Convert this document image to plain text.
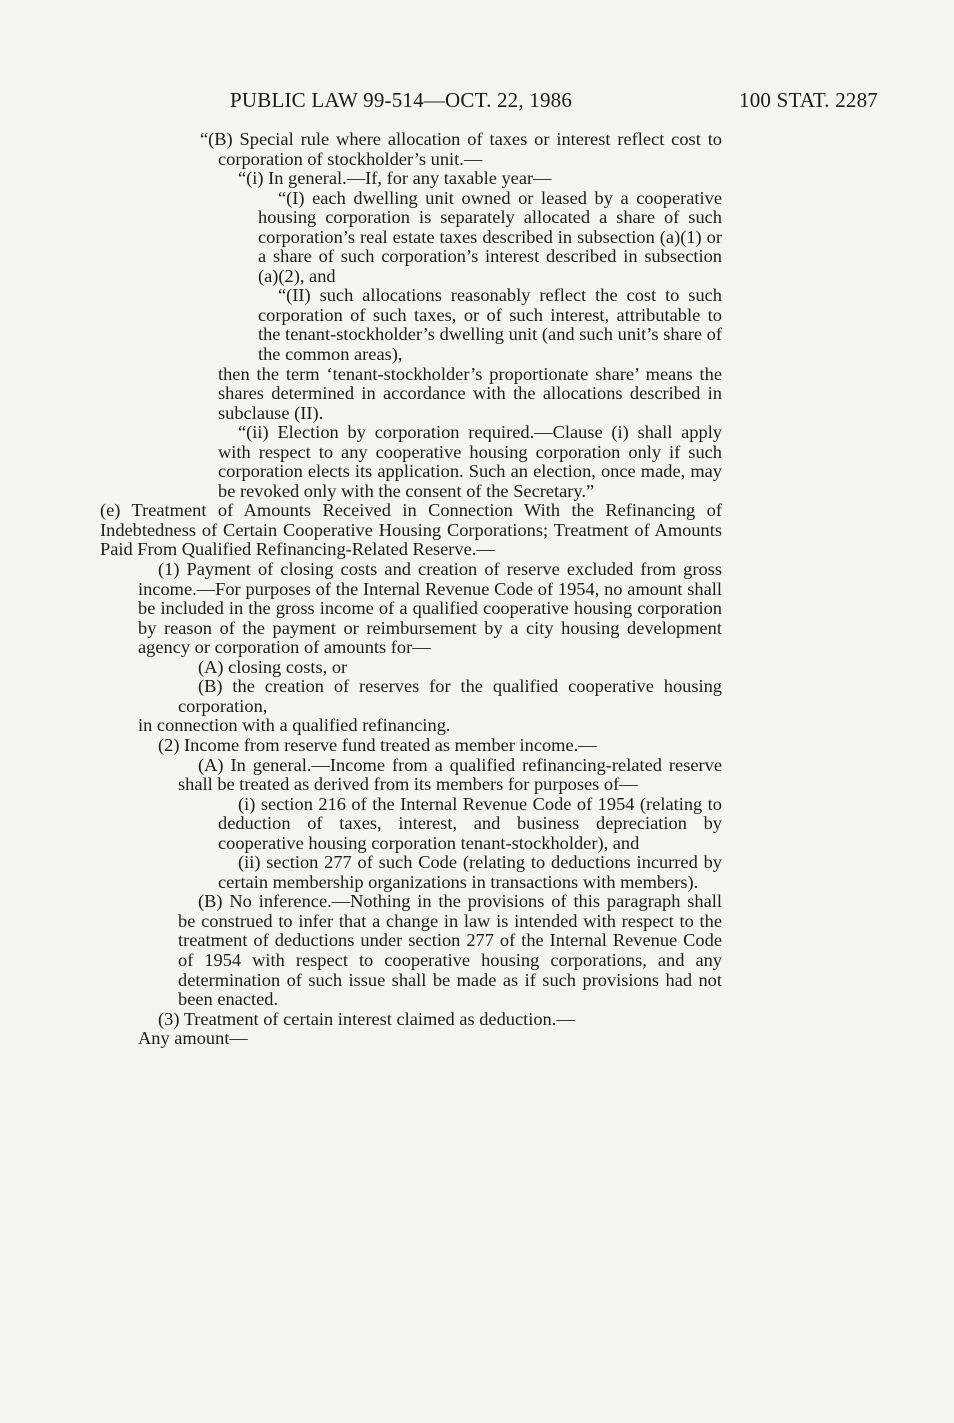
PUBLIC LAW 99-514—OCT. 22, 1986	100 STAT. 2287

“(B) Special rule where allocation of taxes or interest reflect cost to corporation of stockholder’s unit.—

“(i) In general.—If, for any taxable year—

“(I) each dwelling unit owned or leased by a cooperative housing corporation is separately allocated a share of such corporation’s real estate taxes described in subsection (a)(1) or a share of such corporation’s interest described in subsection (a)(2), and

“(II) such allocations reasonably reflect the cost to such corporation of such taxes, or of such interest, attributable to the tenant-stockholder’s dwelling unit (and such unit’s share of the common areas),

then the term ‘tenant-stockholder’s proportionate share’ means the shares determined in accordance with the allocations described in subclause (II).

“(ii) Election by corporation required.—Clause (i) shall apply with respect to any cooperative housing corporation only if such corporation elects its application. Such an election, once made, may be revoked only with the consent of the Secretary.”

(e) Treatment of Amounts Received in Connection With the Refinancing of Indebtedness of Certain Cooperative Housing Corporations; Treatment of Amounts Paid From Qualified Refinancing-Related Reserve.—

(1) Payment of closing costs and creation of reserve excluded from gross income.—For purposes of the Internal Revenue Code of 1954, no amount shall be included in the gross income of a qualified cooperative housing corporation by reason of the payment or reimbursement by a city housing development agency or corporation of amounts for—

(A) closing costs, or

(B) the creation of reserves for the qualified cooperative housing corporation,

in connection with a qualified refinancing.

(2) Income from reserve fund treated as member income.—

(A) In general.—Income from a qualified refinancing-related reserve shall be treated as derived from its members for purposes of—

(i) section 216 of the Internal Revenue Code of 1954 (relating to deduction of taxes, interest, and business depreciation by cooperative housing corporation tenant-stockholder), and

(ii) section 277 of such Code (relating to deductions incurred by certain membership organizations in transactions with members).

(B) No inference.—Nothing in the provisions of this paragraph shall be construed to infer that a change in law is intended with respect to the treatment of deductions under section 277 of the Internal Revenue Code of 1954 with respect to cooperative housing corporations, and any determination of such issue shall be made as if such provisions had not been enacted.

(3) Treatment of certain interest claimed as deduction.—

Any amount—
